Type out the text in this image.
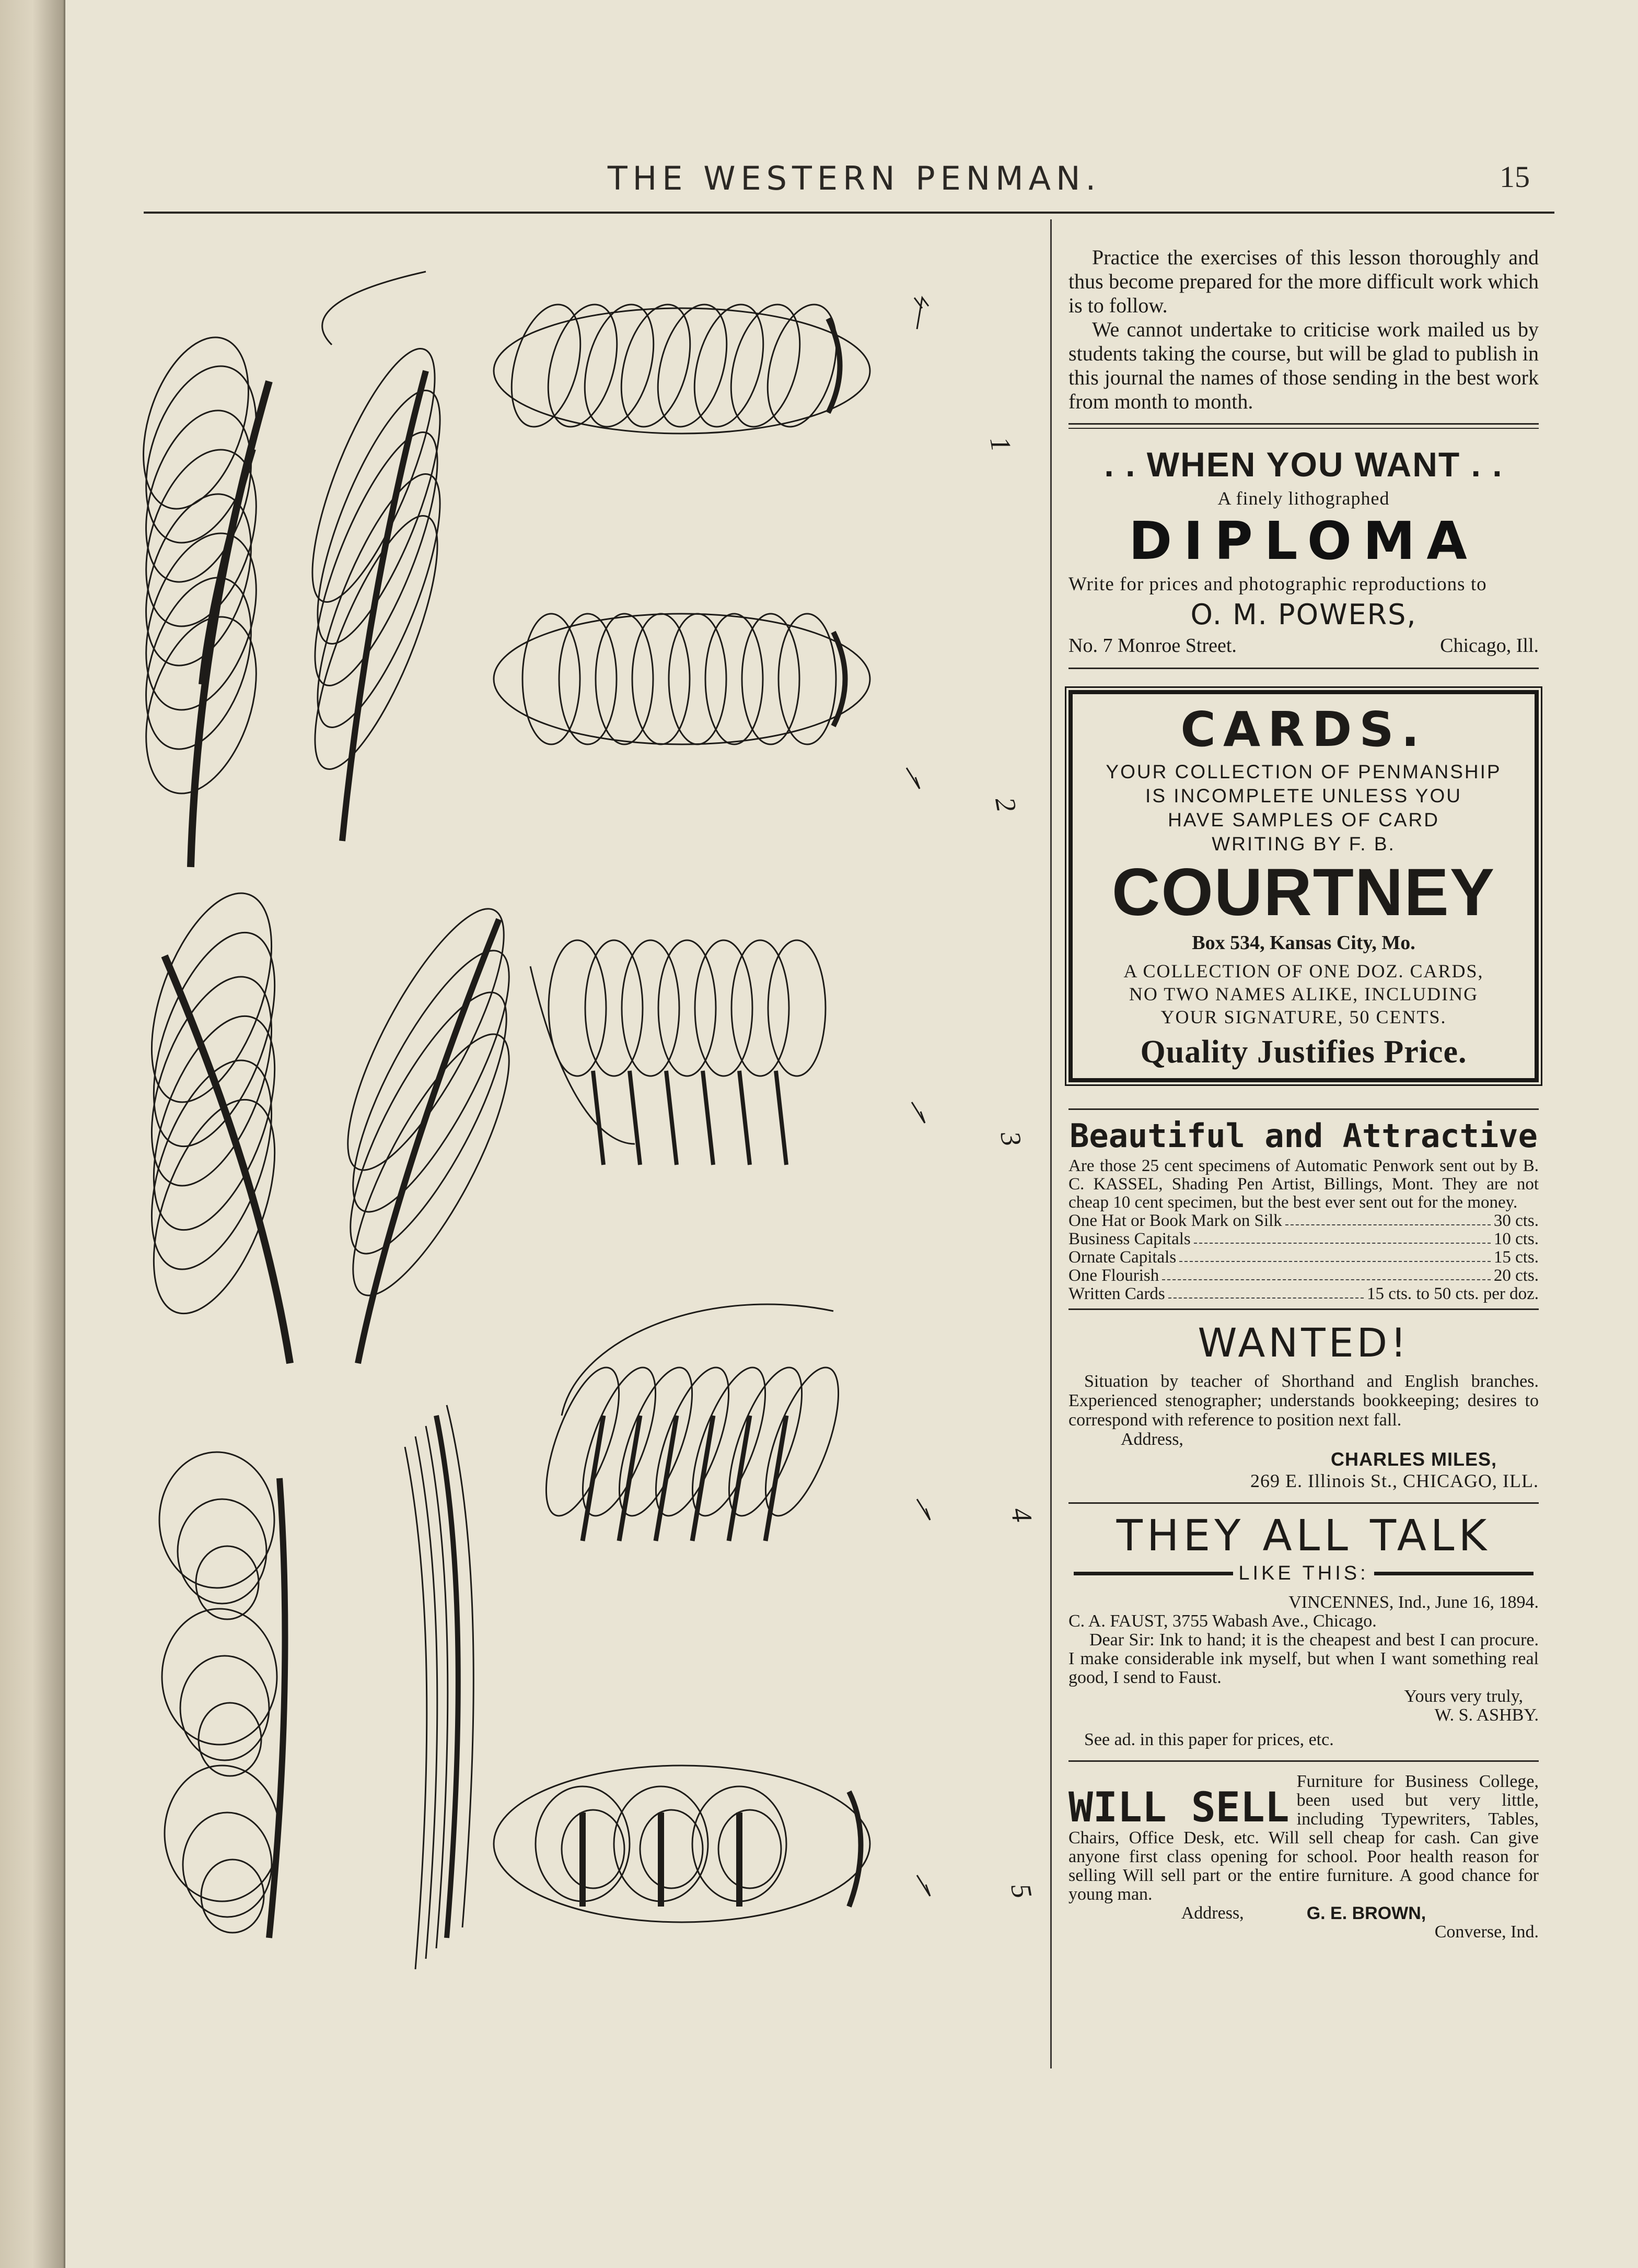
THE WESTERN PENMAN.	15
1
2
3
4
5

Practice the exercises of this lesson thoroughly and thus become prepared for the more difficult work which is to follow.

We cannot undertake to criticise work mailed us by students taking the course, but will be glad to publish in this journal the names of those sending in the best work from month to month.

. . WHEN YOU WANT . .
A finely lithographed
DIPLOMA
Write for prices and photographic reproductions to
O. M. POWERS,
No. 7 Monroe Street.	Chicago, Ill.
CARDS.
YOUR COLLECTION OF PENMANSHIP
IS INCOMPLETE UNLESS YOU
HAVE SAMPLES OF CARD
WRITING BY F. B.
COURTNEY
Box 534, Kansas City, Mo.
A COLLECTION OF ONE DOZ. CARDS,
NO TWO NAMES ALIKE, INCLUDING
YOUR SIGNATURE, 50 CENTS.
Quality Justifies Price.
Beautiful and Attractive
Are those 25 cent specimens of Automatic Penwork sent out by B. C. KASSEL, Shading Pen Artist, Billings, Mont. They are not cheap 10 cent specimen, but the best ever sent out for the money.
One Hat or Book Mark on Silk	30 cts.
Business Capitals	10 cts.
Ornate Capitals	15 cts.
One Flourish	20 cts.
Written Cards	15 cts. to 50 cts. per doz.
WANTED!
Situation by teacher of Shorthand and English branches. Experienced stenographer; understands bookkeeping; desires to correspond with reference to position next fall.
Address,
CHARLES MILES,
269 E. Illinois St., CHICAGO, ILL.
THEY ALL TALK
LIKE THIS:
VINCENNES, Ind., June 16, 1894.
C. A. FAUST, 3755 Wabash Ave., Chicago.
Dear Sir: Ink to hand; it is the cheapest and best I can procure. I make considerable ink myself, but when I want something real good, I send to Faust.
Yours very truly,
W. S. ASHBY.
See ad. in this paper for prices, etc.
WILL SELL
Furniture for Business College, been used but very little, including Typewriters, Tables, Chairs, Office Desk, etc. Will sell cheap for cash. Can give anyone first class opening for school. Poor health reason for selling Will sell part or the entire furniture. A good chance for young man.
Address,	G. E. BROWN,
Converse, Ind.
